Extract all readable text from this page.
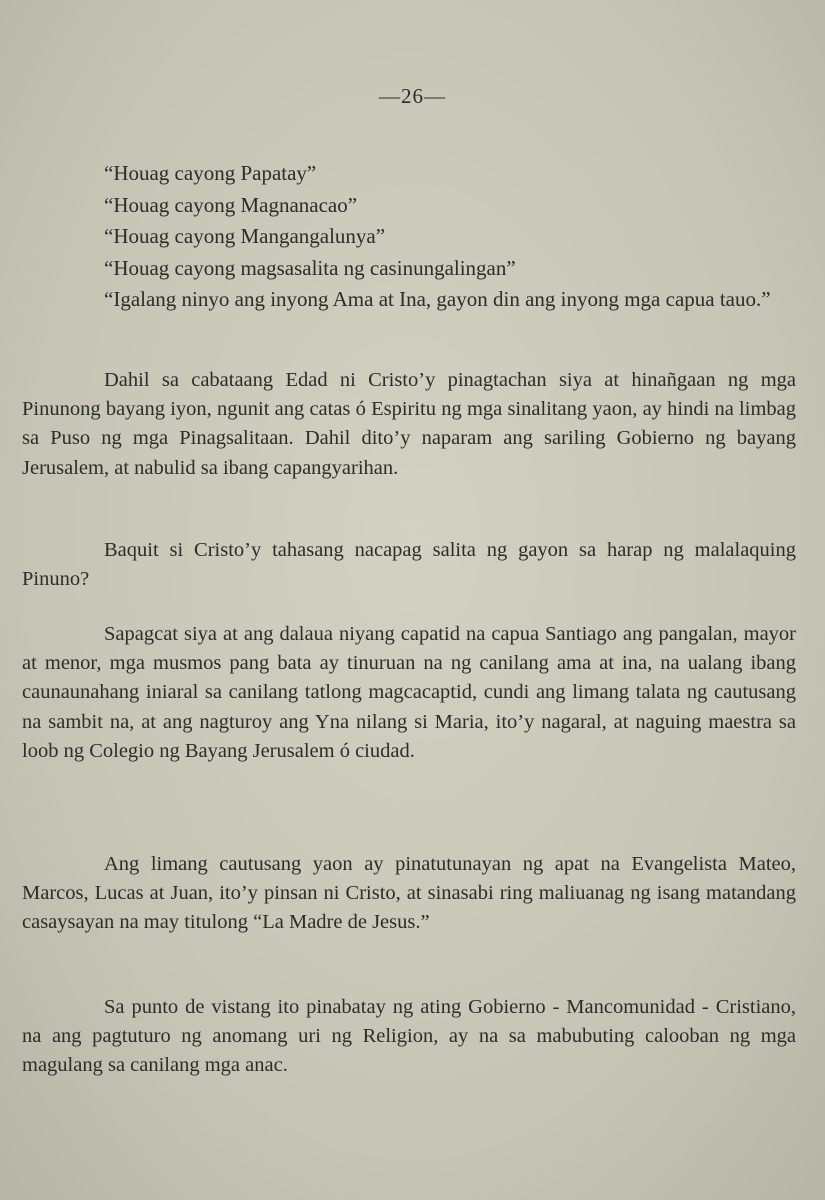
—26—
“Houag cayong Papatay”
“Houag cayong Magnanacao”
“Houag cayong Mangangalunya”
“Houag cayong magsasalita ng casinungalingan”
“Igalang ninyo ang inyong Ama at Ina, gayon din ang inyong mga capua tauo.”

Dahil sa cabataang Edad ni Cristo’y pinagtachan siya at hinañgaan ng mga Pinunong bayang iyon, ngunit ang catas ó Espiritu ng mga sinalitang yaon, ay hindi na limbag sa Puso ng mga Pinagsalitaan. Dahil dito’y naparam ang sariling Gobierno ng bayang Jerusalem, at nabulid sa ibang capangyarihan.

Baquit si Cristo’y tahasang nacapag salita ng gayon sa harap ng malalaquing Pinuno?

Sapagcat siya at ang dalaua niyang capatid na capua Santiago ang pangalan, mayor at menor, mga musmos pang bata ay tinuruan na ng canilang ama at ina, na ualang ibang caunaunahang iniaral sa canilang tatlong magcacaptid, cundi ang limang talata ng cautusang na sambit na, at ang nagturoy ang Yna nilang si Maria, ito’y nagaral, at naguing maestra sa loob ng Colegio ng Bayang Jerusalem ó ciudad.

Ang limang cautusang yaon ay pinatutunayan ng apat na Evangelista Mateo, Marcos, Lucas at Juan, ito’y pinsan ni Cristo, at sinasabi ring maliuanag ng isang matandang casaysayan na may titulong “La Madre de Jesus.”

Sa punto de vistang ito pinabatay ng ating Gobierno - Mancomunidad - Cristiano, na ang pagtuturo ng anomang uri ng Religion, ay na sa mabubuting calooban ng mga magulang sa canilang mga anac.
